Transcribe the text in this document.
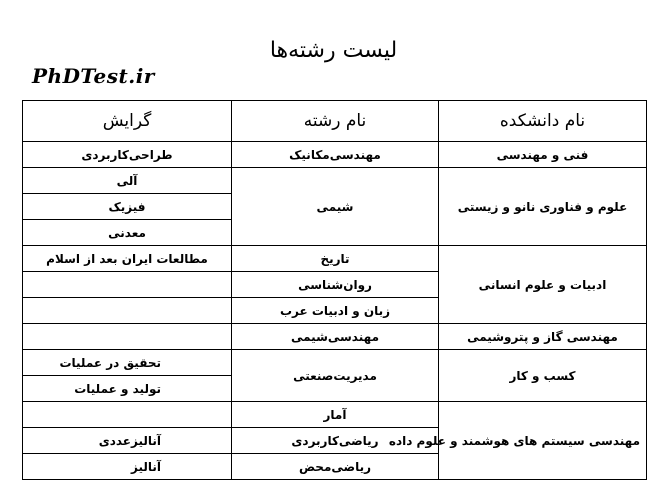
لیست رشته‌ها
PhDTest.ir
نام دانشکده	نام رشته	گرایش
فنی و مهندسی	مهندسی‌مکانیک	طراحی‌کاربردی
علوم و فناوری نانو و زیستی	شیمی	آلی
		فیزیک
		معدنی
ادبیات و علوم انسانی	تاریخ	مطالعات ایران بعد از اسلام
	روان‌شناسی	
	زبان و ادبیات عرب	
مهندسی گاز و پتروشیمی	مهندسی‌شیمی	
کسب و کار	مدیریت‌صنعتی	تحقیق در عملیات
		تولید و عملیات
مهندسی سیستم های هوشمند و علوم داده	آمار	
	ریاضی‌کاربردی	آنالیزعددی
	ریاضی‌محض	آنالیز
